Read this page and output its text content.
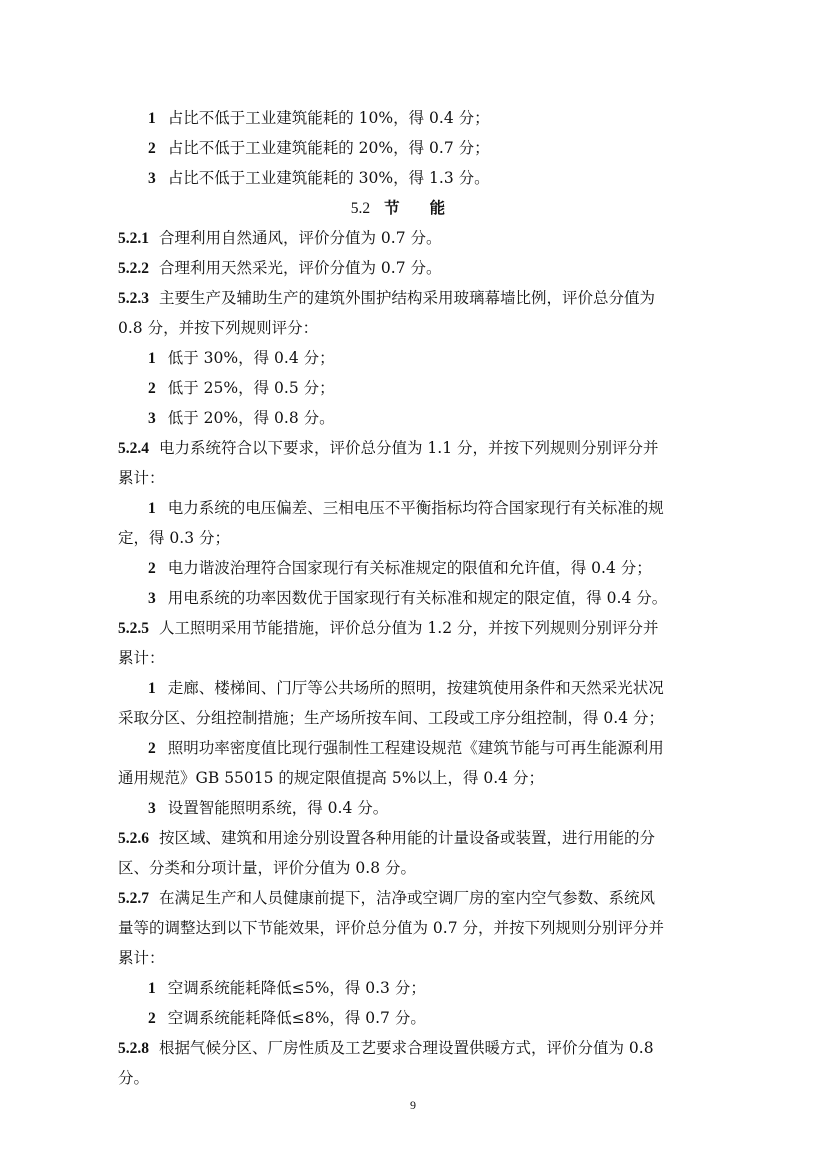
1 占比不低于工业建筑能耗的 10%，得 0.4 分；
2 占比不低于工业建筑能耗的 20%，得 0.7 分；
3 占比不低于工业建筑能耗的 30%，得 1.3 分。
5.2 节能
5.2.1 合理利用自然通风，评价分值为 0.7 分。
5.2.2 合理利用天然采光，评价分值为 0.7 分。
5.2.3 主要生产及辅助生产的建筑外围护结构采用玻璃幕墙比例，评价总分值为
0.8 分，并按下列规则评分：
1 低于 30%，得 0.4 分；
2 低于 25%，得 0.5 分；
3 低于 20%，得 0.8 分。
5.2.4 电力系统符合以下要求，评价总分值为 1.1 分，并按下列规则分别评分并
累计：
1 电力系统的电压偏差、三相电压不平衡指标均符合国家现行有关标准的规
定，得 0.3 分；
2 电力谐波治理符合国家现行有关标准规定的限值和允许值，得 0.4 分；
3 用电系统的功率因数优于国家现行有关标准和规定的限定值，得 0.4 分。
5.2.5 人工照明采用节能措施，评价总分值为 1.2 分，并按下列规则分别评分并
累计：
1 走廊、楼梯间、门厅等公共场所的照明，按建筑使用条件和天然采光状况
采取分区、分组控制措施；生产场所按车间、工段或工序分组控制，得 0.4 分；
2 照明功率密度值比现行强制性工程建设规范《建筑节能与可再生能源利用
通用规范》GB 55015 的规定限值提高 5%以上，得 0.4 分；
3 设置智能照明系统，得 0.4 分。
5.2.6 按区域、建筑和用途分别设置各种用能的计量设备或装置，进行用能的分
区、分类和分项计量，评价分值为 0.8 分。
5.2.7 在满足生产和人员健康前提下，洁净或空调厂房的室内空气参数、系统风
量等的调整达到以下节能效果，评价总分值为 0.7 分，并按下列规则分别评分并
累计：
1 空调系统能耗降低≤5%，得 0.3 分；
2 空调系统能耗降低≤8%，得 0.7 分。
5.2.8 根据气候分区、厂房性质及工艺要求合理设置供暖方式，评价分值为 0.8
分。
9
